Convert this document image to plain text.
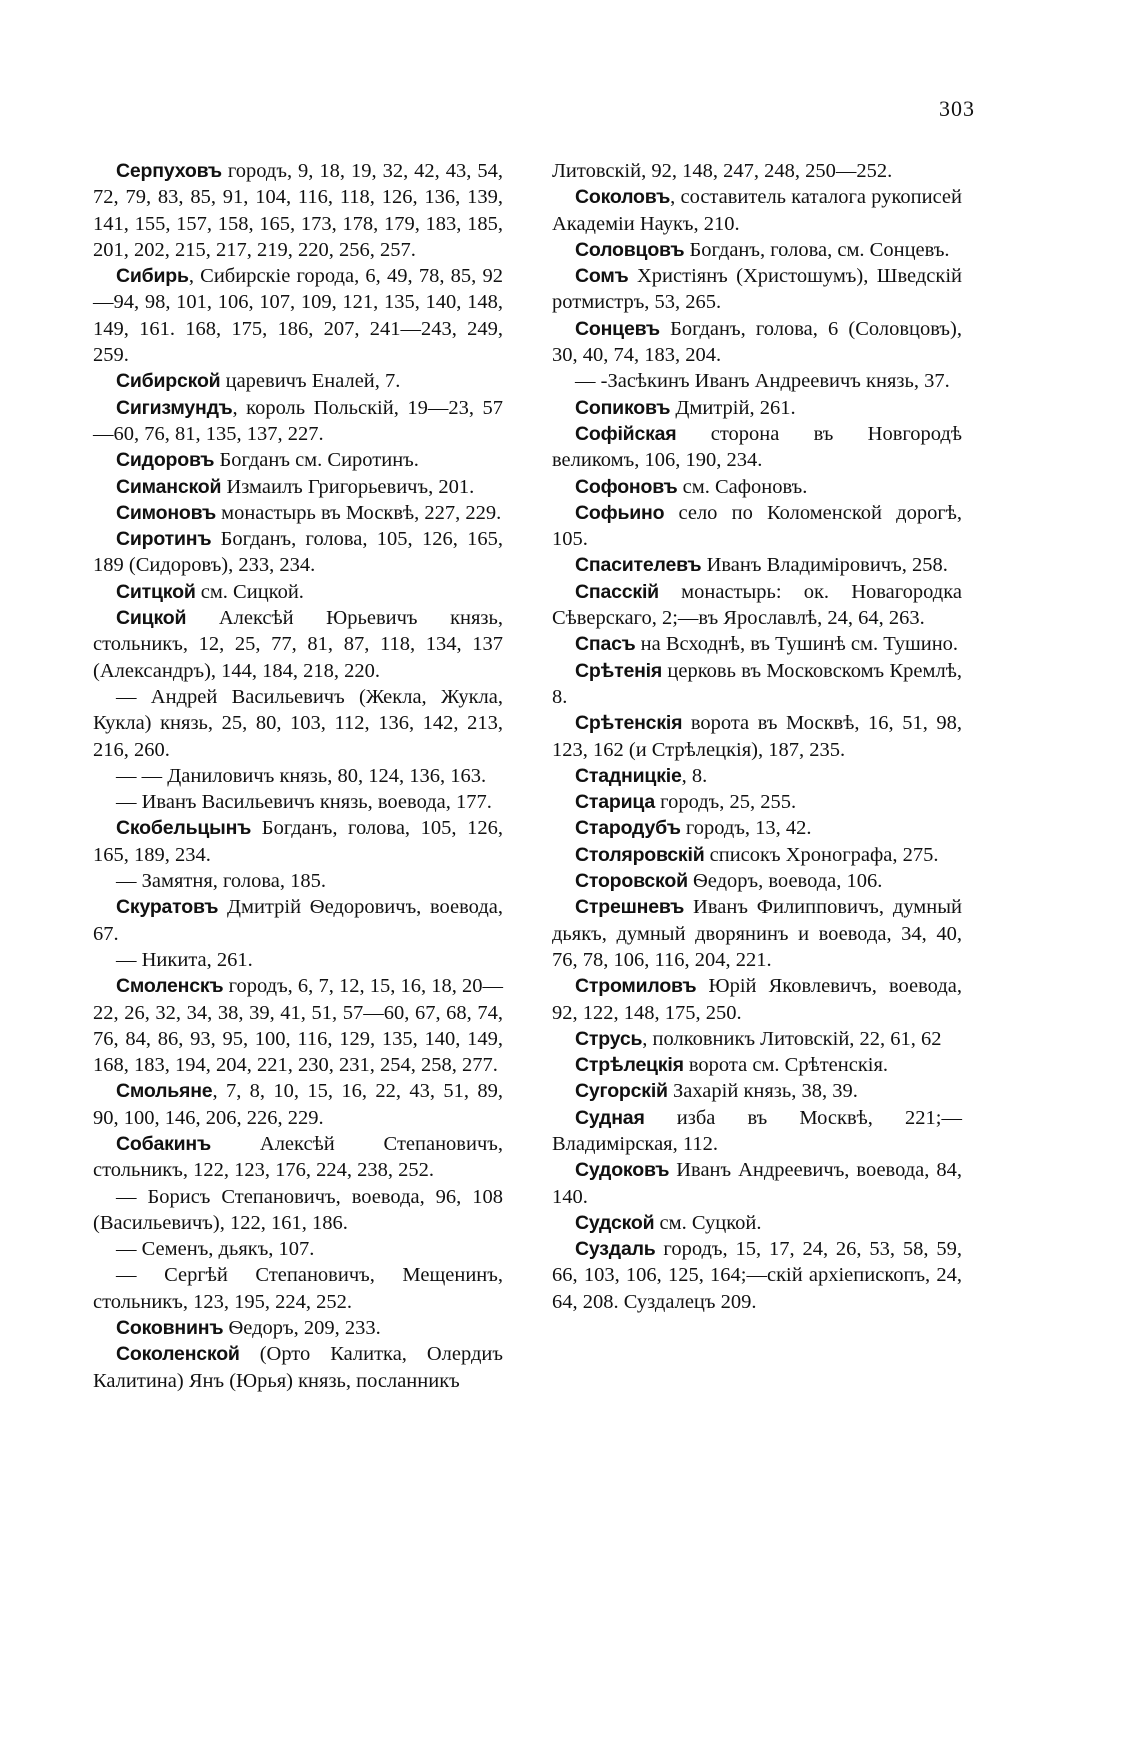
303

Серпуховъ городъ, 9, 18, 19, 32, 42, 43, 54, 72, 79, 83, 85, 91, 104, 116, 118, 126, 136, 139, 141, 155, 157, 158, 165, 173, 178, 179, 183, 185, 201, 202, 215, 217, 219, 220, 256, 257.

Сибирь, Сибирскіе города, 6, 49, 78, 85, 92—94, 98, 101, 106, 107, 109, 121, 135, 140, 148, 149, 161. 168, 175, 186, 207, 241—243, 249, 259.

Сибирской царевичъ Еналей, 7.

Сигизмундъ, король Польскій, 19—23, 57—60, 76, 81, 135, 137, 227.

Сидоровъ Богданъ см. Сиротинъ.

Симанской Измаилъ Григорьевичъ, 201.

Симоновъ монастырь въ Москвѣ, 227, 229.

Сиротинъ Богданъ, голова, 105, 126, 165, 189 (Сидоровъ), 233, 234.

Ситцкой см. Сицкой.

Сицкой Алексѣй Юрьевичъ князь, стольникъ, 12, 25, 77, 81, 87, 118, 134, 137 (Александръ), 144, 184, 218, 220.

— Андрей Васильевичъ (Жекла, Жукла, Кукла) князь, 25, 80, 103, 112, 136, 142, 213, 216, 260.

— — Даниловичъ князь, 80, 124, 136, 163.

— Иванъ Васильевичъ князь, воевода, 177.

Скобельцынъ Богданъ, голова, 105, 126, 165, 189, 234.

— Замятня, голова, 185.

Скуратовъ Дмитрій Ѳедоровичъ, воевода, 67.

— Никита, 261.

Смоленскъ городъ, 6, 7, 12, 15, 16, 18, 20—22, 26, 32, 34, 38, 39, 41, 51, 57—60, 67, 68, 74, 76, 84, 86, 93, 95, 100, 116, 129, 135, 140, 149, 168, 183, 194, 204, 221, 230, 231, 254, 258, 277.

Смольяне, 7, 8, 10, 15, 16, 22, 43, 51, 89, 90, 100, 146, 206, 226, 229.

Собакинъ Алексѣй Степановичъ, стольникъ, 122, 123, 176, 224, 238, 252.

— Борисъ Степановичъ, воевода, 96, 108 (Васильевичъ), 122, 161, 186.

— Семенъ, дьякъ, 107.

— Сергѣй Степановичъ, Мещенинъ, стольникъ, 123, 195, 224, 252.

Соковнинъ Ѳедоръ, 209, 233.

Соколенской (Орто Калитка, Олердиъ Калитина) Янъ (Юрья) князь, посланникъ

Литовскій, 92, 148, 247, 248, 250—252.

Соколовъ, составитель каталога рукописей Академіи Наукъ, 210.

Соловцовъ Богданъ, голова, см. Сонцевъ.

Сомъ Христіянъ (Христошумъ), Шведскій ротмистръ, 53, 265.

Сонцевъ Богданъ, голова, 6 (Соловцовъ), 30, 40, 74, 183, 204.

— -Засѣкинъ Иванъ Андреевичъ князь, 37.

Сопиковъ Дмитрій, 261.

Софійская сторона въ Новгородѣ великомъ, 106, 190, 234.

Софоновъ см. Сафоновъ.

Софьино село по Коломенской дорогѣ, 105.

Спасителевъ Иванъ Владиміровичъ, 258.

Спасскій монастырь: ок. Новагородка Сѣверскаго, 2;—въ Ярославлѣ, 24, 64, 263.

Спасъ на Всходнѣ, въ Тушинѣ см. Тушино.

Срѣтенія церковь въ Московскомъ Кремлѣ, 8.

Срѣтенскія ворота въ Москвѣ, 16, 51, 98, 123, 162 (и Стрѣлецкія), 187, 235.

Стадницкіе, 8.

Старица городъ, 25, 255.

Стародубъ городъ, 13, 42.

Столяровскій списокъ Хронографа, 275.

Сторовской Ѳедоръ, воевода, 106.

Стрешневъ Иванъ Филипповичъ, думный дьякъ, думный дворянинъ и воевода, 34, 40, 76, 78, 106, 116, 204, 221.

Стромиловъ Юрій Яковлевичъ, воевода, 92, 122, 148, 175, 250.

Струсь, полковникъ Литовскій, 22, 61, 62

Стрѣлецкія ворота см. Срѣтенскія.

Сугорскій Захарій князь, 38, 39.

Судная изба въ Москвѣ, 221;—Владимірская, 112.

Судоковъ Иванъ Андреевичъ, воевода, 84, 140.

Судской см. Суцкой.

Суздаль городъ, 15, 17, 24, 26, 53, 58, 59, 66, 103, 106, 125, 164;—скій архіепископъ, 24, 64, 208. Суздалецъ 209.
